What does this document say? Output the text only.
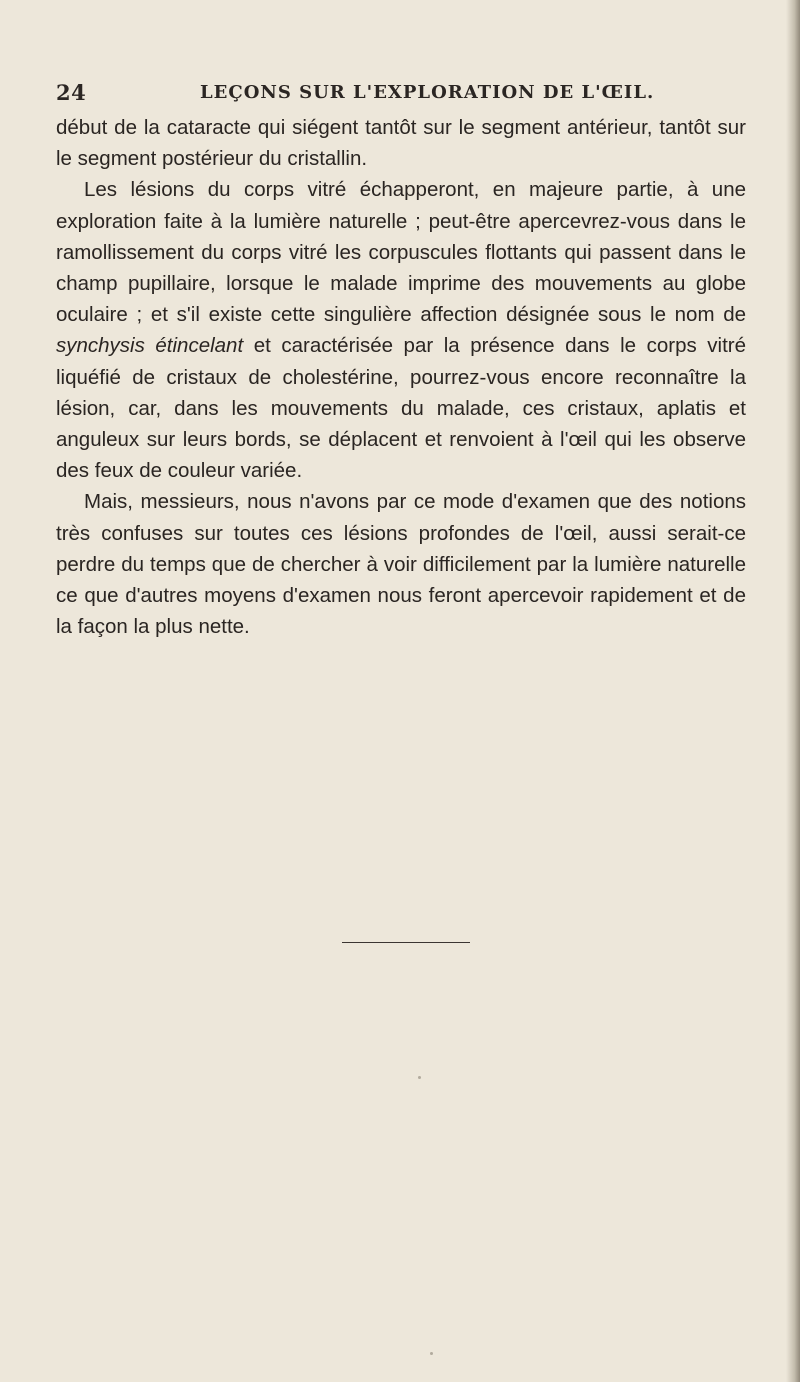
24	LEÇONS SUR L'EXPLORATION DE L'ŒIL.

début de la cataracte qui siégent tantôt sur le segment antérieur, tantôt sur le segment postérieur du cristallin.

Les lésions du corps vitré échapperont, en majeure partie, à une exploration faite à la lumière naturelle ; peut-être apercevrez-vous dans le ramollissement du corps vitré les corpuscules flottants qui passent dans le champ pupillaire, lorsque le malade imprime des mouvements au globe oculaire ; et s'il existe cette singulière affection désignée sous le nom de synchysis étincelant et caractérisée par la présence dans le corps vitré liquéfié de cristaux de cholestérine, pourrez-vous encore reconnaître la lésion, car, dans les mouvements du malade, ces cristaux, aplatis et anguleux sur leurs bords, se déplacent et renvoient à l'œil qui les observe des feux de couleur variée.

Mais, messieurs, nous n'avons par ce mode d'examen que des notions très confuses sur toutes ces lésions profondes de l'œil, aussi serait-ce perdre du temps que de chercher à voir difficilement par la lumière naturelle ce que d'autres moyens d'examen nous feront apercevoir rapidement et de la façon la plus nette.
